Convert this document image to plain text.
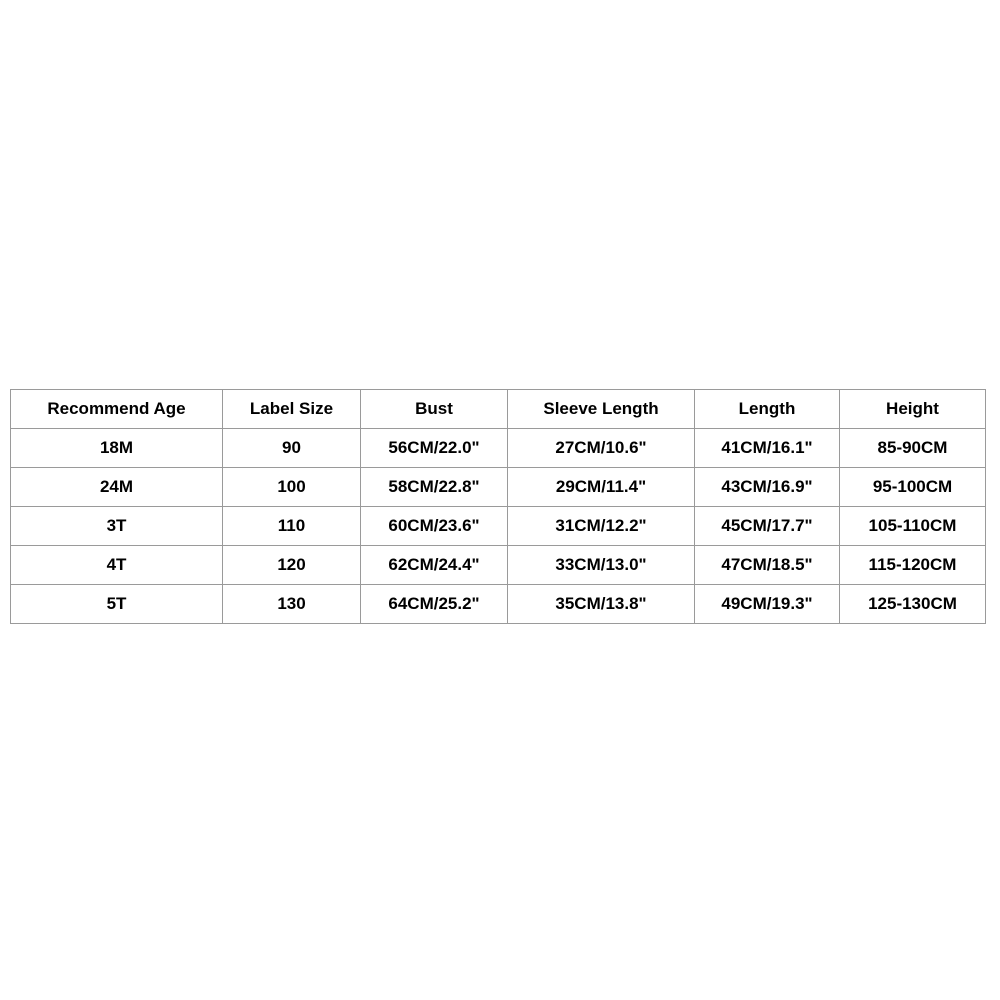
Recommend Age	Label Size	Bust	Sleeve Length	Length	Height
18M	90	56CM/22.0"	27CM/10.6"	41CM/16.1"	85-90CM
24M	100	58CM/22.8"	29CM/11.4"	43CM/16.9"	95-100CM
3T	110	60CM/23.6"	31CM/12.2"	45CM/17.7"	105-110CM
4T	120	62CM/24.4"	33CM/13.0"	47CM/18.5"	115-120CM
5T	130	64CM/25.2"	35CM/13.8"	49CM/19.3"	125-130CM
